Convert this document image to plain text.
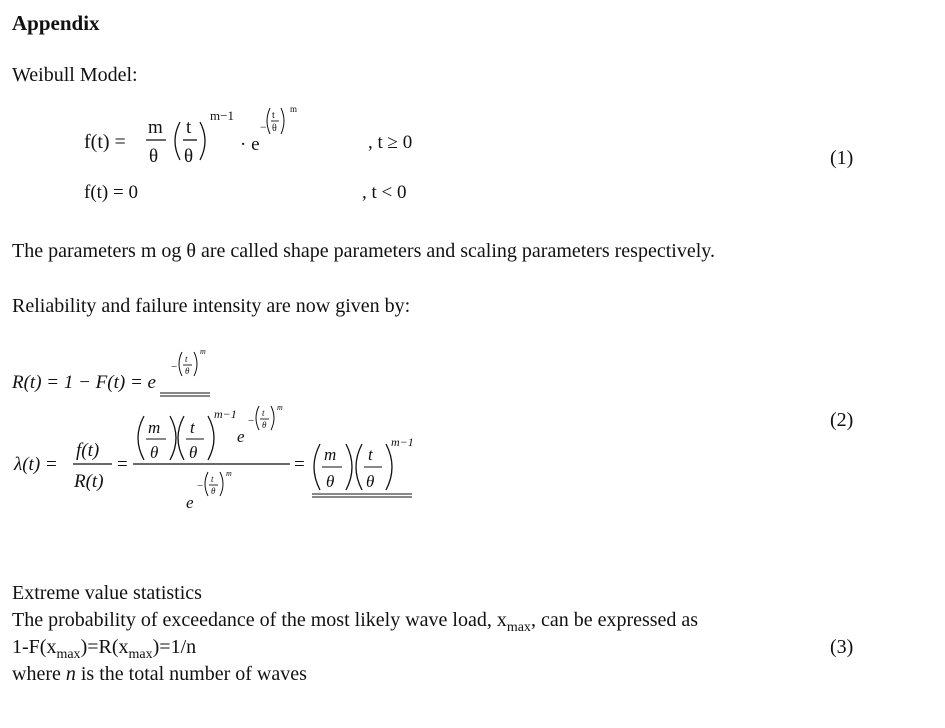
Appendix
Weibull Model:
f(t) =
m
θ
t
θ
m−1
· e
−
t
θ
m
, t ≥ 0
f(t) = 0	, t < 0
(1)
The parameters m og θ are called shape parameters and scaling parameters respectively.
Reliability and failure intensity are now given by:
R(t) = 1 − F(t) = e
−
t
θ
m
λ(t) =
f(t)
R(t)
=
m
θ
t
θ
m−1
e
−
t
θ
m
e
−
t
θ
m	= m
θ
t
θ
m−1
(2)
Extreme value statistics
The probability of exceedance of the most likely wave load, $x_{max}$, can be expressed as
$1-F(x_{max})=R(x_{max})=1/n$	(3)
where n is the total number of waves
